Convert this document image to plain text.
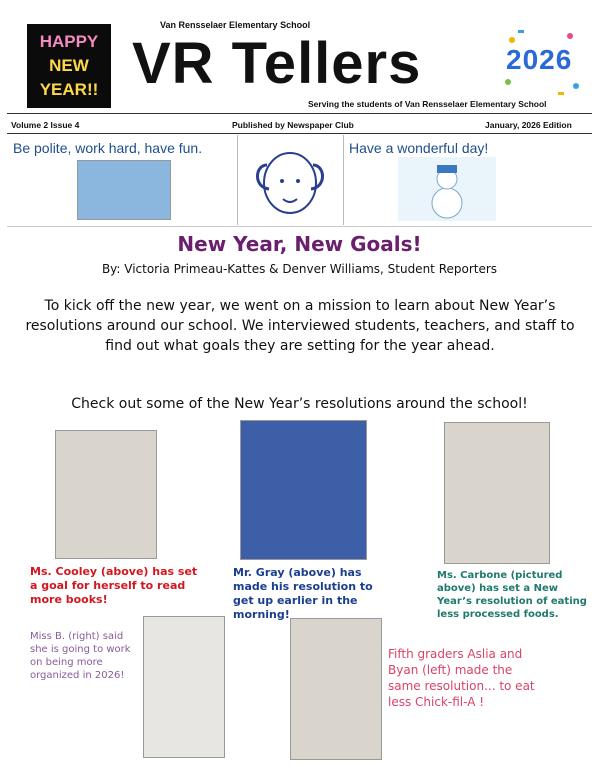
HAPPY
NEW
YEAR!!
Van Rensselaer Elementary School
VR Tellers
Serving the students of Van Rensselaer Elementary School
2026
Volume 2 Issue 4	Published by Newspaper Club	January, 2026 Edition
Be polite, work hard, have fun.	Have a wonderful day!
New Year, New Goals!
By: Victoria Primeau-Kattes & Denver Williams, Student Reporters
To kick off the new year, we went on a mission to learn about New Year’s resolutions around our school. We interviewed students, teachers, and staff to find out what goals they are setting for the year ahead.
Check out some of the New Year’s resolutions around the school!
Ms. Cooley (above) has set a goal for herself to read more books!
Mr. Gray (above) has made his resolution to get up earlier in the morning!
Ms. Carbone (pictured above) has set a New Year’s resolution of eating less processed foods.
Miss B. (right) said she is going to work on being more organized in 2026!
Fifth graders Aslia and Byan (left) made the same resolution... to eat less Chick-fil-A !
